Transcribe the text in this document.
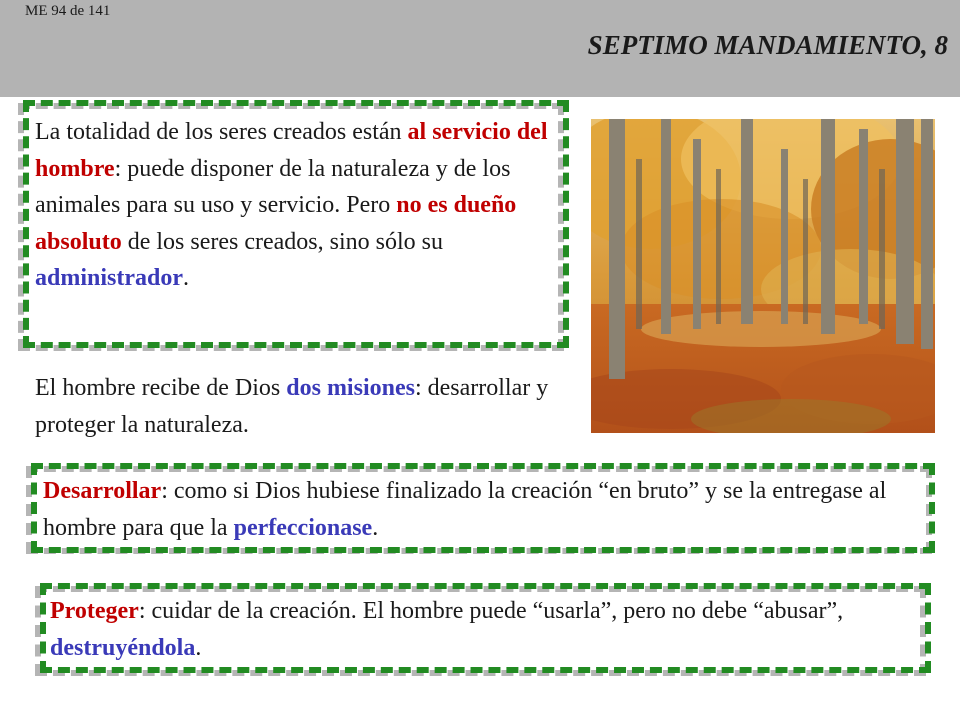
ME 94 de 141
SEPTIMO MANDAMIENTO, 8

La totalidad de los seres creados están al servicio del hombre: puede disponer de la naturaleza y de los animales para su uso y servicio. Pero no es dueño absoluto de los seres creados, sino sólo su administrador.

El hombre recibe de Dios dos misiones: desarrollar y proteger la naturaleza.

Desarrollar: como si Dios hubiese finalizado la creación “en bruto” y se la entregase al hombre para que la perfeccionase.

Proteger: cuidar de la creación. El hombre puede “usarla”, pero no debe “abusar”, destruyéndola.
